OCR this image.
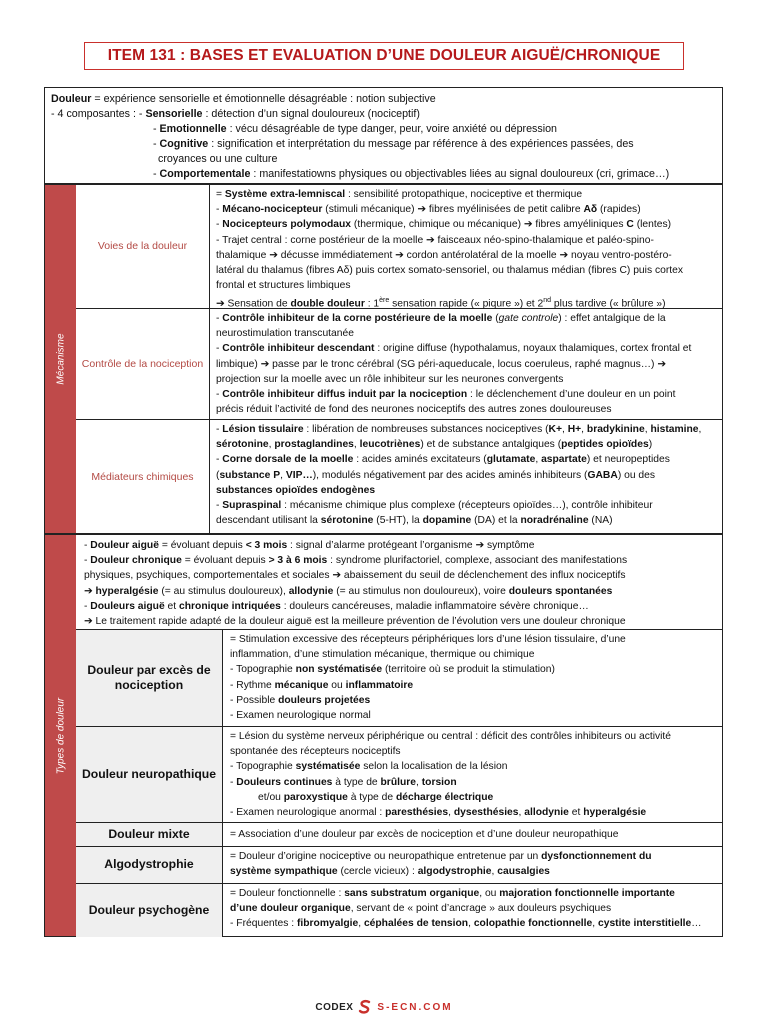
ITEM 131 : BASES ET EVALUATION D’UNE DOULEUR AIGUË/CHRONIQUE
Douleur = expérience sensorielle et émotionnelle désagréable : notion subjective
- 4 composantes : - Sensorielle : détection d’un signal douloureux (nociceptif)
- Emotionnelle : vécu désagréable de type danger, peur, voire anxiété ou dépression
- Cognitive : signification et interprétation du message par référence à des expériences passées, des
croyances ou une culture
- Comportementale : manifestatiowns physiques ou objectivables liées au signal douloureux (cri, grimace…)
Mécanisme
Voies de la douleur
= Système extra-lemniscal : sensibilité protopathique, nociceptive et thermique
- Mécano-nocicepteur (stimuli mécanique) ➔ fibres myélinisées de petit calibre Aδ (rapides)
- Nocicepteurs polymodaux (thermique, chimique ou mécanique) ➔ fibres amyéliniques C (lentes)
- Trajet central : corne postérieur de la moelle ➔ faisceaux néo-spino-thalamique et paléo-spino-
thalamique ➔ décusse immédiatement ➔ cordon antérolatéral de la moelle ➔ noyau ventro-postéro-
latéral du thalamus (fibres Aδ) puis cortex somato-sensoriel, ou thalamus médian (fibres C) puis cortex
frontal et structures limbiques
➔ Sensation de double douleur : 1ère sensation rapide (« piqure ») et 2nd plus tardive (« brûlure »)
Contrôle de la nociception
- Contrôle inhibiteur de la corne postérieure de la moelle (gate controle) : effet antalgique de la
neurostimulation transcutanée
- Contrôle inhibiteur descendant : origine diffuse (hypothalamus, noyaux thalamiques, cortex frontal et
limbique) ➔ passe par le tronc cérébral (SG péri-aqueducale, locus coeruleus, raphé magnus…) ➔
projection sur la moelle avec un rôle inhibiteur sur les neurones convergents
- Contrôle inhibiteur diffus induit par la nociception : le déclenchement d’une douleur en un point
précis réduit l’activité de fond des neurones nociceptifs des autres zones douloureuses
Médiateurs chimiques
- Lésion tissulaire : libération de nombreuses substances nociceptives (K+, H+, bradykinine, histamine,
sérotonine, prostaglandines, leucotriènes) et de substance antalgiques (peptides opioïdes)
- Corne dorsale de la moelle : acides aminés excitateurs (glutamate, aspartate) et neuropeptides
(substance P, VIP…), modulés négativement par des acides aminés inhibiteurs (GABA) ou des
substances opioïdes endogènes
- Supraspinal : mécanisme chimique plus complexe (récepteurs opioïdes…), contrôle inhibiteur
descendant utilisant la sérotonine (5-HT), la dopamine (DA) et la noradrénaline (NA)
Types de douleur
- Douleur aiguë = évoluant depuis < 3 mois : signal d’alarme protégeant l’organisme ➔ symptôme
- Douleur chronique = évoluant depuis > 3 à 6 mois : syndrome plurifactoriel, complexe, associant des manifestations
physiques, psychiques, comportementales et sociales ➔ abaissement du seuil de déclenchement des influx nociceptifs
➔ hyperalgésie (= au stimulus douloureux), allodynie (= au stimulus non douloureux), voire douleurs spontanées
- Douleurs aiguë et chronique intriquées : douleurs cancéreuses, maladie inflammatoire sévère chronique…
➔ Le traitement rapide adapté de la douleur aiguë est la meilleure prévention de l’évolution vers une douleur chronique
Douleur par excès de nociception
= Stimulation excessive des récepteurs périphériques lors d’une lésion tissulaire, d’une
inflammation, d’une stimulation mécanique, thermique ou chimique
- Topographie non systématisée (territoire où se produit la stimulation)
- Rythme mécanique ou inflammatoire
- Possible douleurs projetées
- Examen neurologique normal
Douleur neuropathique
= Lésion du système nerveux périphérique ou central : déficit des contrôles inhibiteurs ou activité
spontanée des récepteurs nociceptifs
- Topographie systématisée selon la localisation de la lésion
- Douleurs continues à type de brûlure, torsion
et/ou paroxystique à type de décharge électrique
- Examen neurologique anormal : paresthésies, dysesthésies, allodynie et hyperalgésie
Douleur mixte	= Association d’une douleur par excès de nociception et d’une douleur neuropathique
Algodystrophie
= Douleur d’origine nociceptive ou neuropathique entretenue par un dysfonctionnement du
système sympathique (cercle vicieux) : algodystrophie, causalgies
Douleur psychogène
= Douleur fonctionnelle : sans substratum organique, ou majoration fonctionnelle importante
d’une douleur organique, servant de « point d’ancrage » aux douleurs psychiques
- Fréquentes : fibromyalgie, céphalées de tension, colopathie fonctionnelle, cystite interstitielle…
CODEX S-ECN.COM
